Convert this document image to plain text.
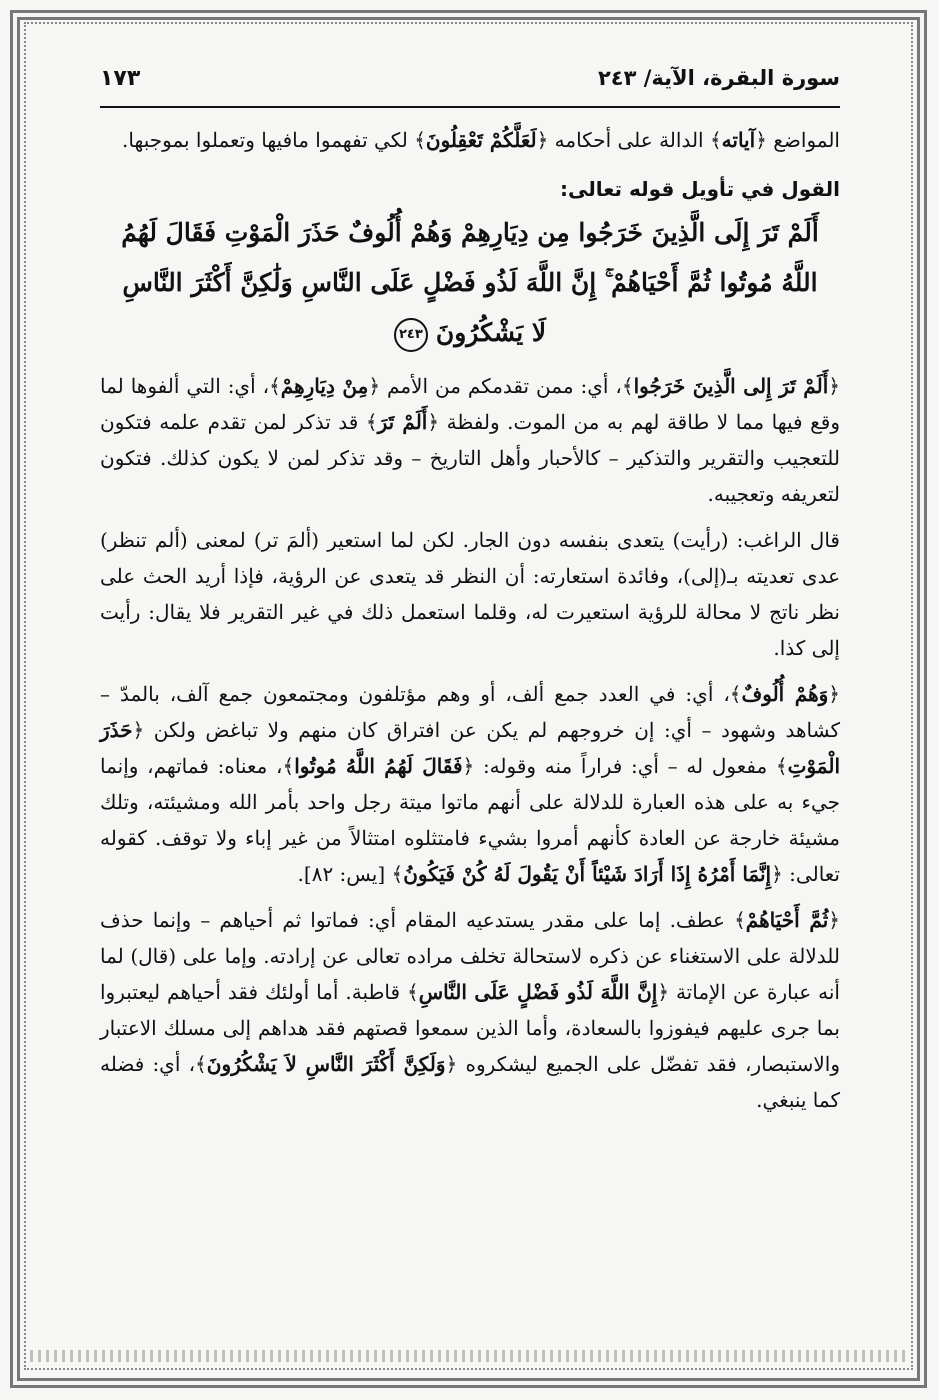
سورة البقرة، الآية/ ٢٤٣
١٧٣

المواضع ﴿آياته﴾ الدالة على أحكامه ﴿لَعَلَّكُمْ تَعْقِلُونَ﴾ لكي تفهموا مافيها وتعملوا بموجبها.

القول في تأويل قوله تعالى:
أَلَمْ تَرَ إِلَى الَّذِينَ خَرَجُوا مِن دِيَارِهِمْ وَهُمْ أُلُوفٌ حَذَرَ الْمَوْتِ فَقَالَ لَهُمُ اللَّهُ مُوتُوا ثُمَّ أَحْيَاهُمْ ۚ إِنَّ اللَّهَ لَذُو فَضْلٍ عَلَى النَّاسِ وَلَٰكِنَّ أَكْثَرَ النَّاسِ
لَا يَشْكُرُونَ٢٤٣

﴿أَلَمْ تَرَ إِلى الَّذِينَ خَرَجُوا﴾، أي: ممن تقدمكم من الأمم ﴿مِنْ دِيَارِهِمْ﴾، أي: التي ألفوها لما وقع فيها مما لا طاقة لهم به من الموت. ولفظة ﴿أَلَمْ تَرَ﴾ قد تذكر لمن تقدم علمه فتكون للتعجيب والتقرير والتذكير – كالأحبار وأهل التاريخ – وقد تذكر لمن لا يكون كذلك. فتكون لتعريفه وتعجيبه.

قال الراغب: (رأيت) يتعدى بنفسه دون الجار. لكن لما استعير (ألمَ تر) لمعنى (ألم تنظر) عدى تعديته بـ(إلى)، وفائدة استعارته: أن النظر قد يتعدى عن الرؤية، فإذا أريد الحث على نظر ناتج لا محالة للرؤية استعيرت له، وقلما استعمل ذلك في غير التقرير فلا يقال: رأيت إلى كذا.

﴿وَهُمْ أُلُوفٌ﴾، أي: في العدد جمع ألف، أو وهم مؤتلفون ومجتمعون جمع آلف، بالمدّ – كشاهد وشهود – أي: إن خروجهم لم يكن عن افتراق كان منهم ولا تباغض ولكن ﴿حَذَرَ الْمَوْتِ﴾ مفعول له – أي: فراراً منه وقوله: ﴿فَقَالَ لَهُمُ اللَّهُ مُوتُوا﴾، معناه: فماتهم، وإنما جيء به على هذه العبارة للدلالة على أنهم ماتوا ميتة رجل واحد بأمر الله ومشيئته، وتلك مشيئة خارجة عن العادة كأنهم أمروا بشيء فامتثلوه امتثالاً من غير إباء ولا توقف. كقوله تعالى: ﴿إِنَّمَا أَمْرُهُ إِذَا أَرَادَ شَيْئاً أَنْ يَقُولَ لَهُ كُنْ فَيَكُونُ﴾ [يس: ٨٢].

﴿ثُمَّ أَحْيَاهُمْ﴾ عطف. إما على مقدر يستدعيه المقام أي: فماتوا ثم أحياهم – وإنما حذف للدلالة على الاستغناء عن ذكره لاستحالة تخلف مراده تعالى عن إرادته. وإما على (قال) لما أنه عبارة عن الإماتة ﴿إِنَّ اللَّهَ لَذُو فَضْلٍ عَلَى النَّاسِ﴾ قاطبة. أما أولئك فقد أحياهم ليعتبروا بما جرى عليهم فيفوزوا بالسعادة، وأما الذين سمعوا قصتهم فقد هداهم إلى مسلك الاعتبار والاستبصار، فقد تفضّل على الجميع ليشكروه ﴿وَلَكِنَّ أَكْثَرَ النَّاسِ لاَ يَشْكُرُونَ﴾، أي: فضله كما ينبغي.
